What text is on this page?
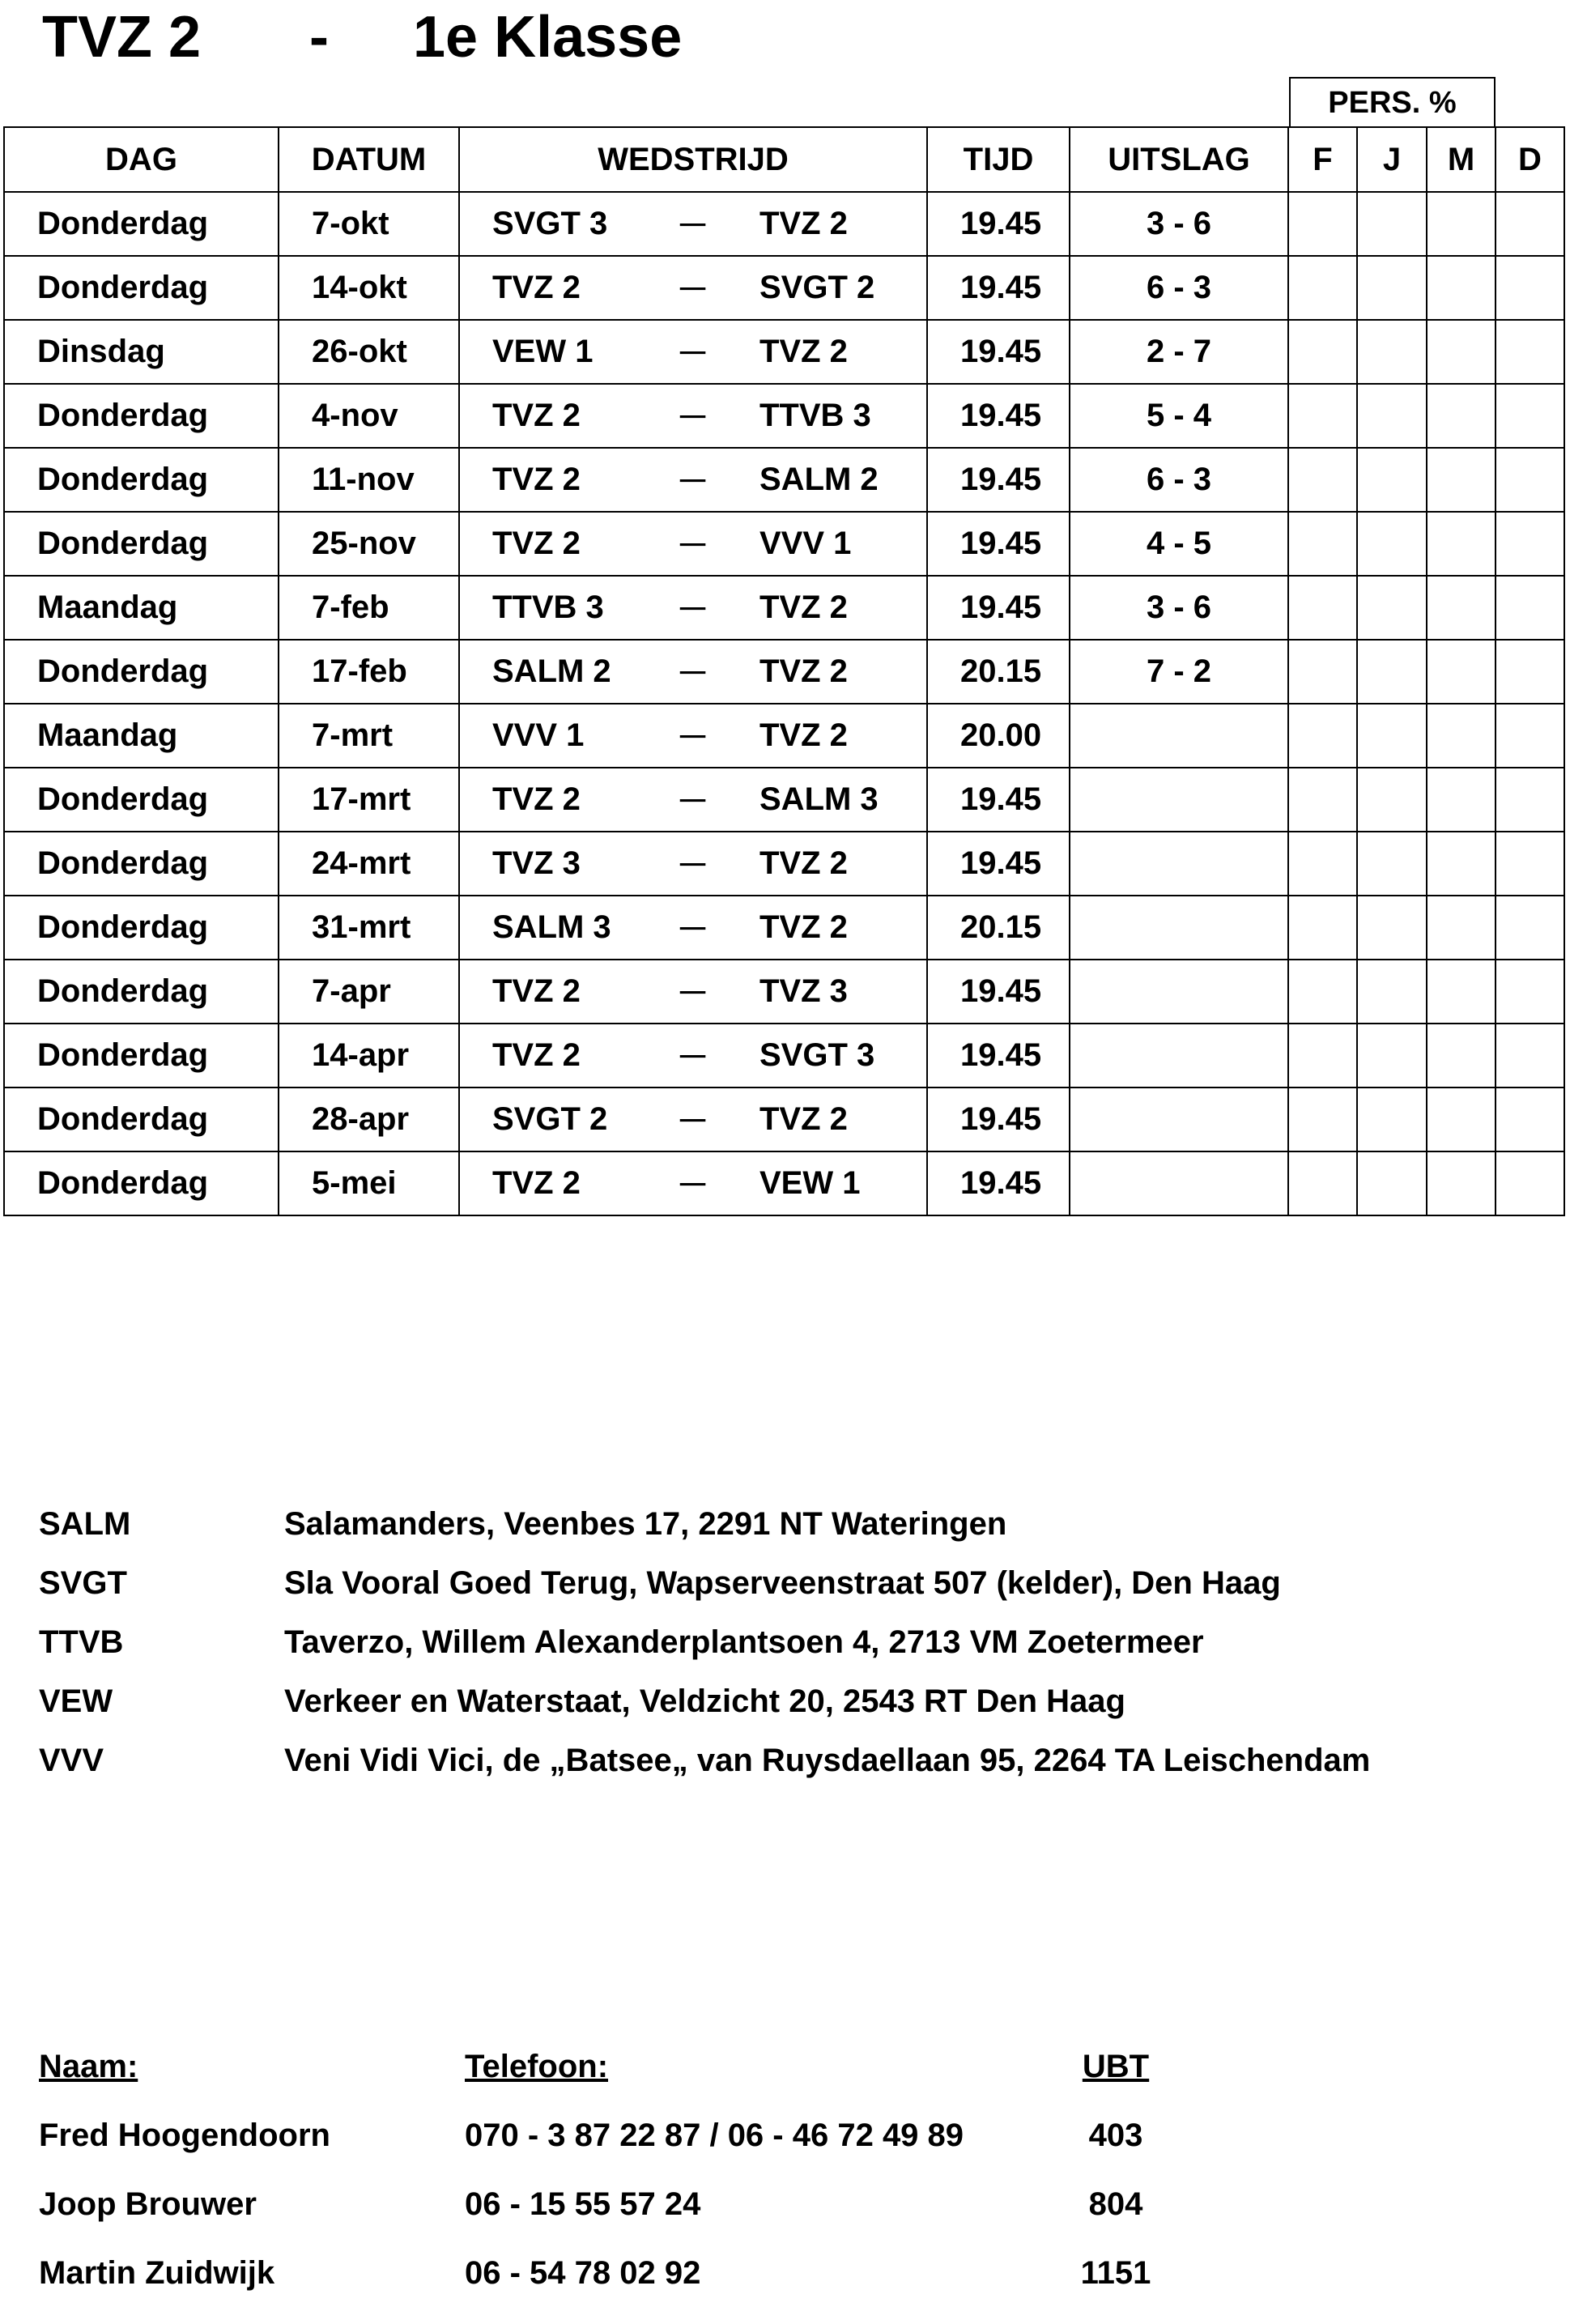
TVZ 2

-

1e Klasse

PERS. %
DAG	DATUM	WEDSTRIJD			TIJD	UITSLAG	F	J	M	D
Donderdag	7-okt	SVGT 3	─	TVZ 2	19.45	3 - 6				
Donderdag	14-okt	TVZ 2	─	SVGT 2	19.45	6 - 3				
Dinsdag	26-okt	VEW 1	─	TVZ 2	19.45	2 - 7				
Donderdag	4-nov	TVZ 2	─	TTVB 3	19.45	5 - 4				
Donderdag	11-nov	TVZ 2	─	SALM 2	19.45	6 - 3				
Donderdag	25-nov	TVZ 2	─	VVV 1	19.45	4 - 5				
Maandag	7-feb	TTVB 3	─	TVZ 2	19.45	3 - 6				
Donderdag	17-feb	SALM 2	─	TVZ 2	20.15	7 - 2				
Maandag	7-mrt	VVV 1	─	TVZ 2	20.00					
Donderdag	17-mrt	TVZ 2	─	SALM 3	19.45					
Donderdag	24-mrt	TVZ 3	─	TVZ 2	19.45					
Donderdag	31-mrt	SALM 3	─	TVZ 2	20.15					
Donderdag	7-apr	TVZ 2	─	TVZ 3	19.45					
Donderdag	14-apr	TVZ 2	─	SVGT 3	19.45					
Donderdag	28-apr	SVGT 2	─	TVZ 2	19.45					
Donderdag	5-mei	TVZ 2	─	VEW 1	19.45					
SALM	Salamanders, Veenbes 17, 2291 NT Wateringen
SVGT	Sla Vooral Goed Terug, Wapserveenstraat 507 (kelder), Den Haag
TTVB	Taverzo, Willem Alexanderplantsoen 4, 2713 VM Zoetermeer
VEW	Verkeer en Waterstaat, Veldzicht 20, 2543 RT Den Haag
VVV	Veni Vidi Vici, de „Batsee„ van Ruysdaellaan 95, 2264 TA Leischendam
Naam:	Telefoon:	UBT
Fred Hoogendoorn	070 - 3 87 22 87 / 06 - 46 72 49 89	403
Joop Brouwer	06 - 15 55 57 24	804
Martin Zuidwijk	06 - 54 78 02 92	1151
